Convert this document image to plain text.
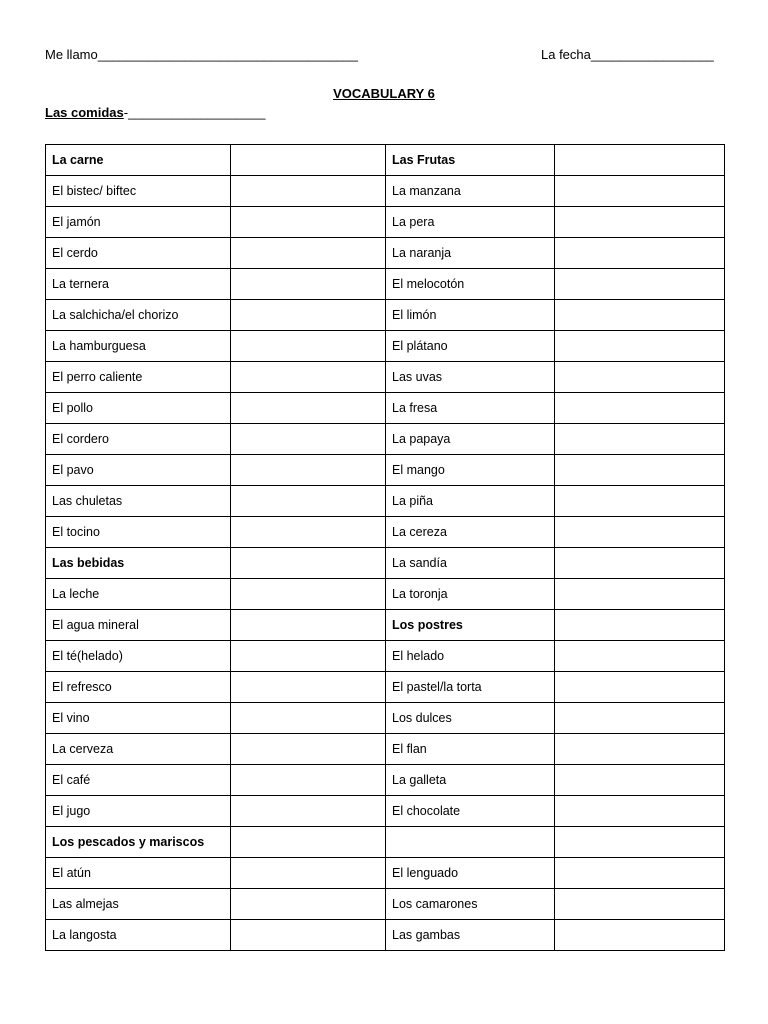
Me llamo____________________________________	La fecha_________________
VOCABULARY 6
Las comidas-___________________
La carne		Las Frutas	
El bistec/ biftec		La manzana	
El jamón		La pera	
El cerdo		La naranja	
La ternera		El melocotón	
La salchicha/el chorizo		El limón	
La hamburguesa		El plátano	
El perro caliente		Las uvas	
El pollo		La fresa	
El cordero		La papaya	
El pavo		El mango	
Las chuletas		La piña	
El tocino		La cereza	
Las bebidas		La sandía	
La leche		La toronja	
El agua mineral		Los postres	
El té(helado)		El helado	
El refresco		El pastel/la torta	
El vino		Los dulces	
La cerveza		El flan	
El café		La galleta	
El jugo		El chocolate	
Los pescados y mariscos			
El atún		El lenguado	
Las almejas		Los camarones	
La langosta		Las gambas	
